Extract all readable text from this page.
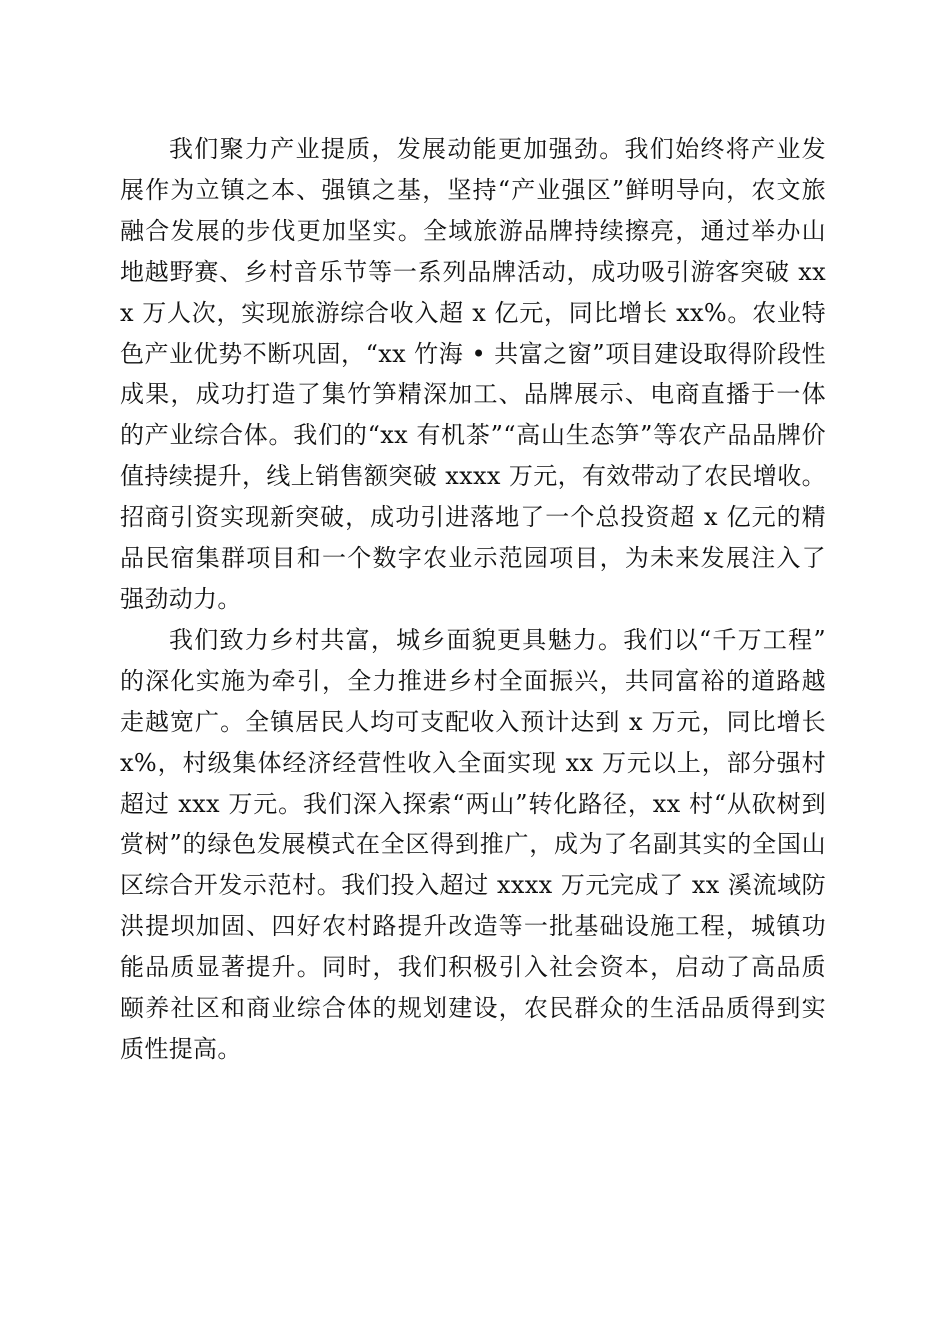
我们聚力产业提质，发展动能更加强劲。我们始终将产业发展作为立镇之本、强镇之基，坚持“产业强区”鲜明导向，农文旅融合发展的步伐更加坚实。全域旅游品牌持续擦亮，通过举办山地越野赛、乡村音乐节等一系列品牌活动，成功吸引游客突破 xxx 万人次，实现旅游综合收入超 x 亿元，同比增长 xx%。农业特色产业优势不断巩固，“xx 竹海 • 共富之窗”项目建设取得阶段性成果，成功打造了集竹笋精深加工、品牌展示、电商直播于一体的产业综合体。我们的“xx 有机茶”“高山生态笋”等农产品品牌价值持续提升，线上销售额突破 xxxx 万元，有效带动了农民增收。招商引资实现新突破，成功引进落地了一个总投资超 x 亿元的精品民宿集群项目和一个数字农业示范园项目，为未来发展注入了强劲动力。

我们致力乡村共富，城乡面貌更具魅力。我们以“千万工程”的深化实施为牵引，全力推进乡村全面振兴，共同富裕的道路越走越宽广。全镇居民人均可支配收入预计达到 x 万元，同比增长 x%，村级集体经济经营性收入全面实现 xx 万元以上，部分强村超过 xxx 万元。我们深入探索“两山”转化路径，xx 村“从砍树到赏树”的绿色发展模式在全区得到推广，成为了名副其实的全国山区综合开发示范村。我们投入超过 xxxx 万元完成了 xx 溪流域防洪提坝加固、四好农村路提升改造等一批基础设施工程，城镇功能品质显著提升。同时，我们积极引入社会资本，启动了高品质颐养社区和商业综合体的规划建设，农民群众的生活品质得到实质性提高。
